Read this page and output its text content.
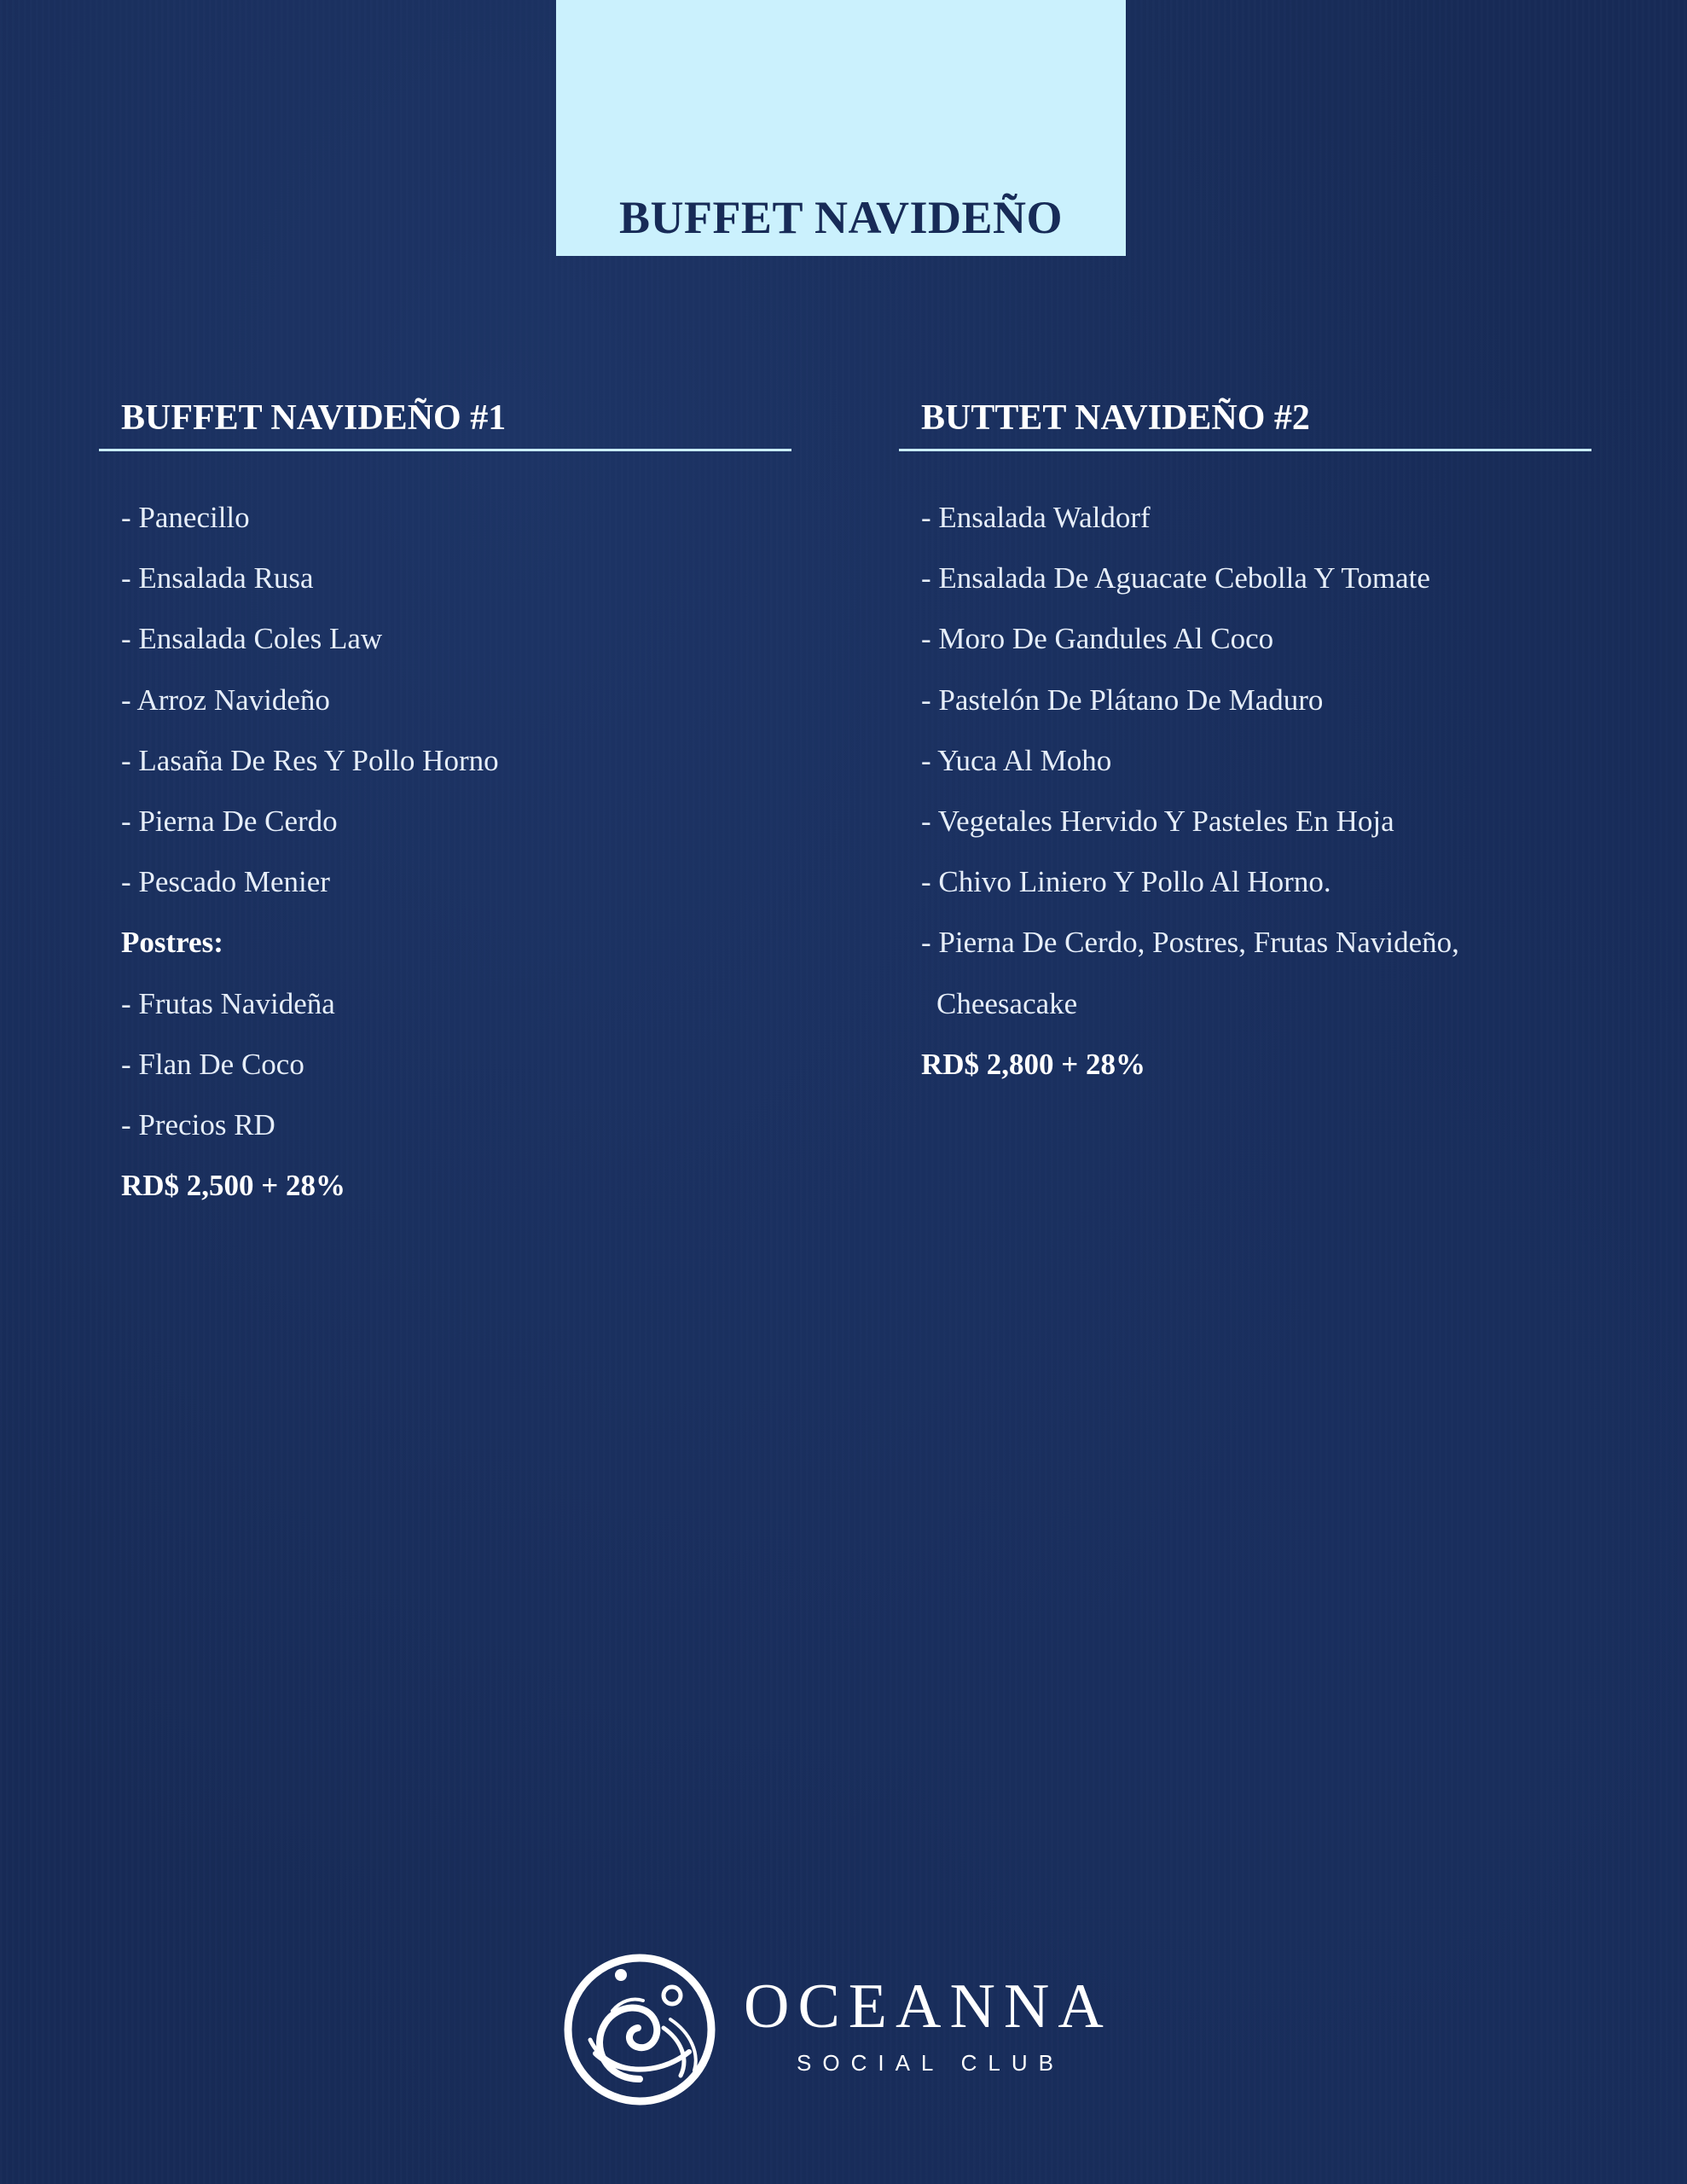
BUFFET NAVIDEÑO
BUFFET NAVIDEÑO #1
- Panecillo
- Ensalada Rusa
- Ensalada Coles Law
- Arroz Navideño
- Lasaña De Res Y Pollo Horno
- Pierna De Cerdo
- Pescado Menier
Postres:
- Frutas Navideña
- Flan De Coco
- Precios RD
RD$ 2,500 + 28%
BUTTET NAVIDEÑO #2
- Ensalada Waldorf
- Ensalada De Aguacate Cebolla Y Tomate
- Moro De Gandules Al Coco
- Pastelón De Plátano De Maduro
- Yuca Al Moho
- Vegetales Hervido Y Pasteles En Hoja
- Chivo Liniero Y Pollo Al Horno.
- Pierna De Cerdo, Postres, Frutas Navideño,
Cheesacake
RD$ 2,800 + 28%
OCEANNA
SOCIAL CLUB
